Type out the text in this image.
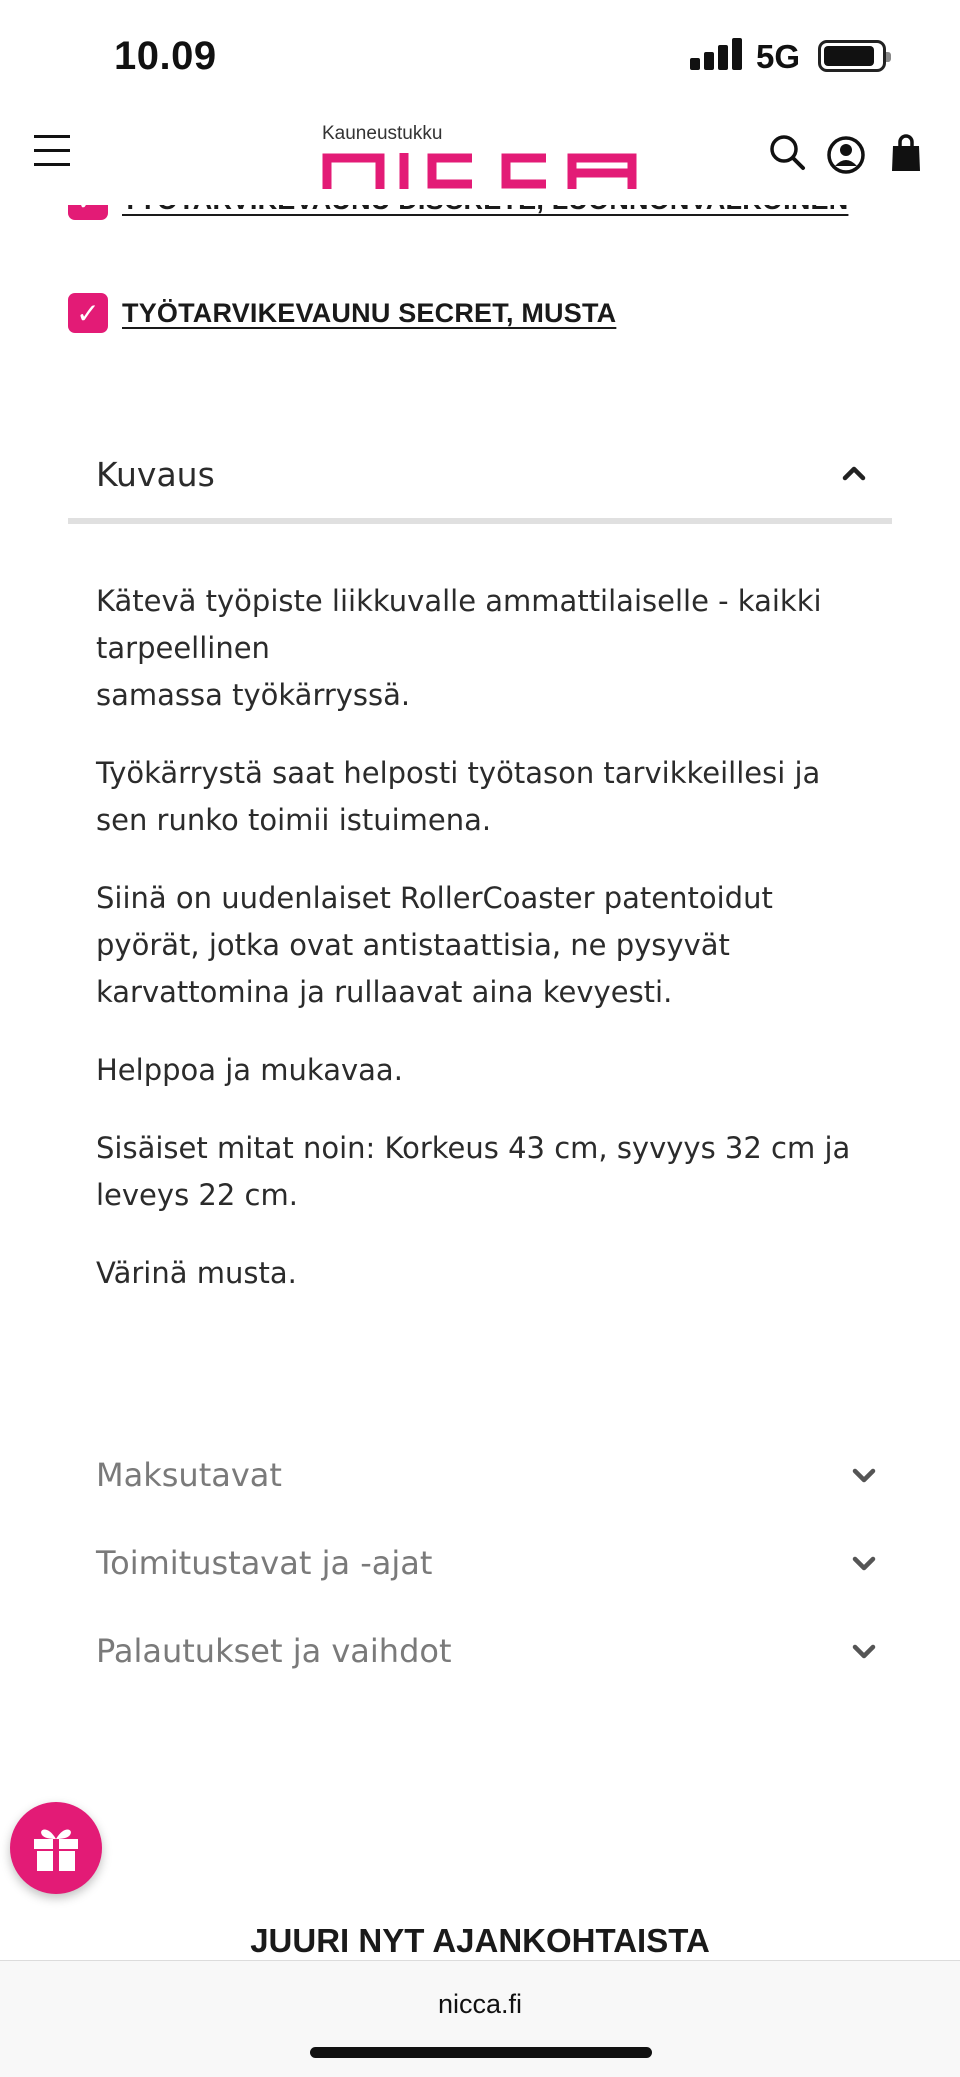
10.09	5G
Kauneustukku
✓ TYÖTARVIKEVAUNU SECRET, MUSTA
Kuvaus

Kätevä työpiste liikkuvalle ammattilaiselle - kaikki tarpeellinen
samassa työkärryssä.

Työkärrystä saat helposti työtason tarvikkeillesi ja sen runko toimii istuimena.

Siinä on uudenlaiset RollerCoaster patentoidut pyörät, jotka ovat antistaattisia, ne pysyvät karvattomina ja rullaavat aina kevyesti.

Helppoa ja mukavaa.

Sisäiset mitat noin: Korkeus 43 cm, syvyys 32 cm ja leveys 22 cm.

Värinä musta.

Maksutavat
Toimitustavat ja -ajat
Palautukset ja vaihdot
JUURI NYT AJANKOHTAISTA
nicca.fi
